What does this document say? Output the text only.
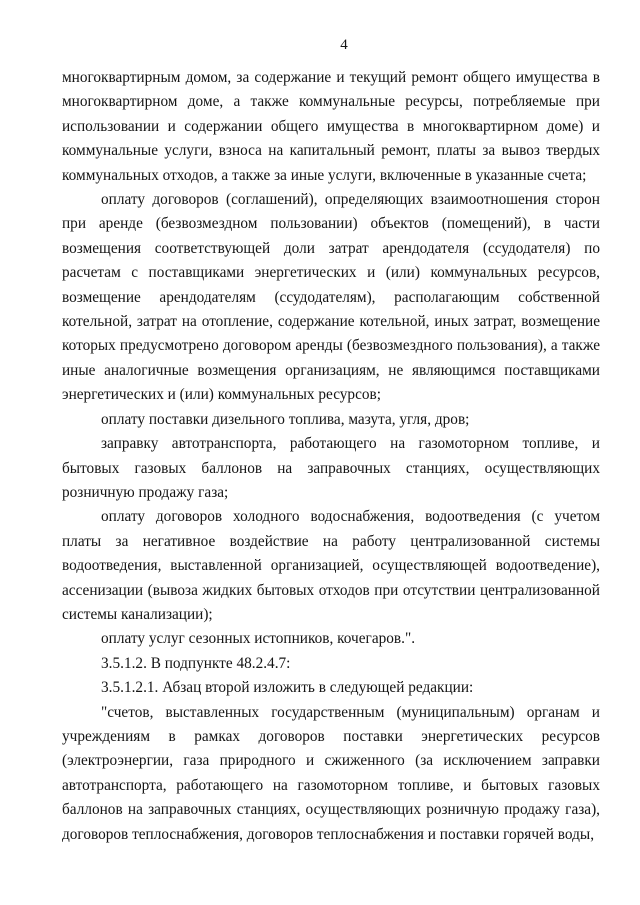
4

многоквартирным домом, за содержание и текущий ремонт общего имущества в многоквартирном доме, а также коммунальные ресурсы, потребляемые при использовании и содержании общего имущества в многоквартирном доме) и коммунальные услуги, взноса на капитальный ремонт, платы за вывоз твердых коммунальных отходов, а также за иные услуги, включенные в указанные счета;

оплату договоров (соглашений), определяющих взаимоотношения сторон при аренде (безвозмездном пользовании) объектов (помещений), в части возмещения соответствующей доли затрат арендодателя (ссудодателя) по расчетам с поставщиками энергетических и (или) коммунальных ресурсов, возмещение арендодателям (ссудодателям), располагающим собственной котельной, затрат на отопление, содержание котельной, иных затрат, возмещение которых предусмотрено договором аренды (безвозмездного пользования), а также иные аналогичные возмещения организациям, не являющимся поставщиками энергетических и (или) коммунальных ресурсов;

оплату поставки дизельного топлива, мазута, угля, дров;

заправку автотранспорта, работающего на газомоторном топливе, и бытовых газовых баллонов на заправочных станциях, осуществляющих розничную продажу газа;

оплату договоров холодного водоснабжения, водоотведения (с учетом платы за негативное воздействие на работу централизованной системы водоотведения, выставленной организацией, осуществляющей водоотведение), ассенизации (вывоза жидких бытовых отходов при отсутствии централизованной системы канализации);

оплату услуг сезонных истопников, кочегаров.".

3.5.1.2. В подпункте 48.2.4.7:

3.5.1.2.1. Абзац второй изложить в следующей редакции:

"счетов, выставленных государственным (муниципальным) органам и учреждениям в рамках договоров поставки энергетических ресурсов (электроэнергии, газа природного и сжиженного (за исключением заправки автотранспорта, работающего на газомоторном топливе, и бытовых газовых баллонов на заправочных станциях, осуществляющих розничную продажу газа), договоров теплоснабжения, договоров теплоснабжения и поставки горячей воды,
